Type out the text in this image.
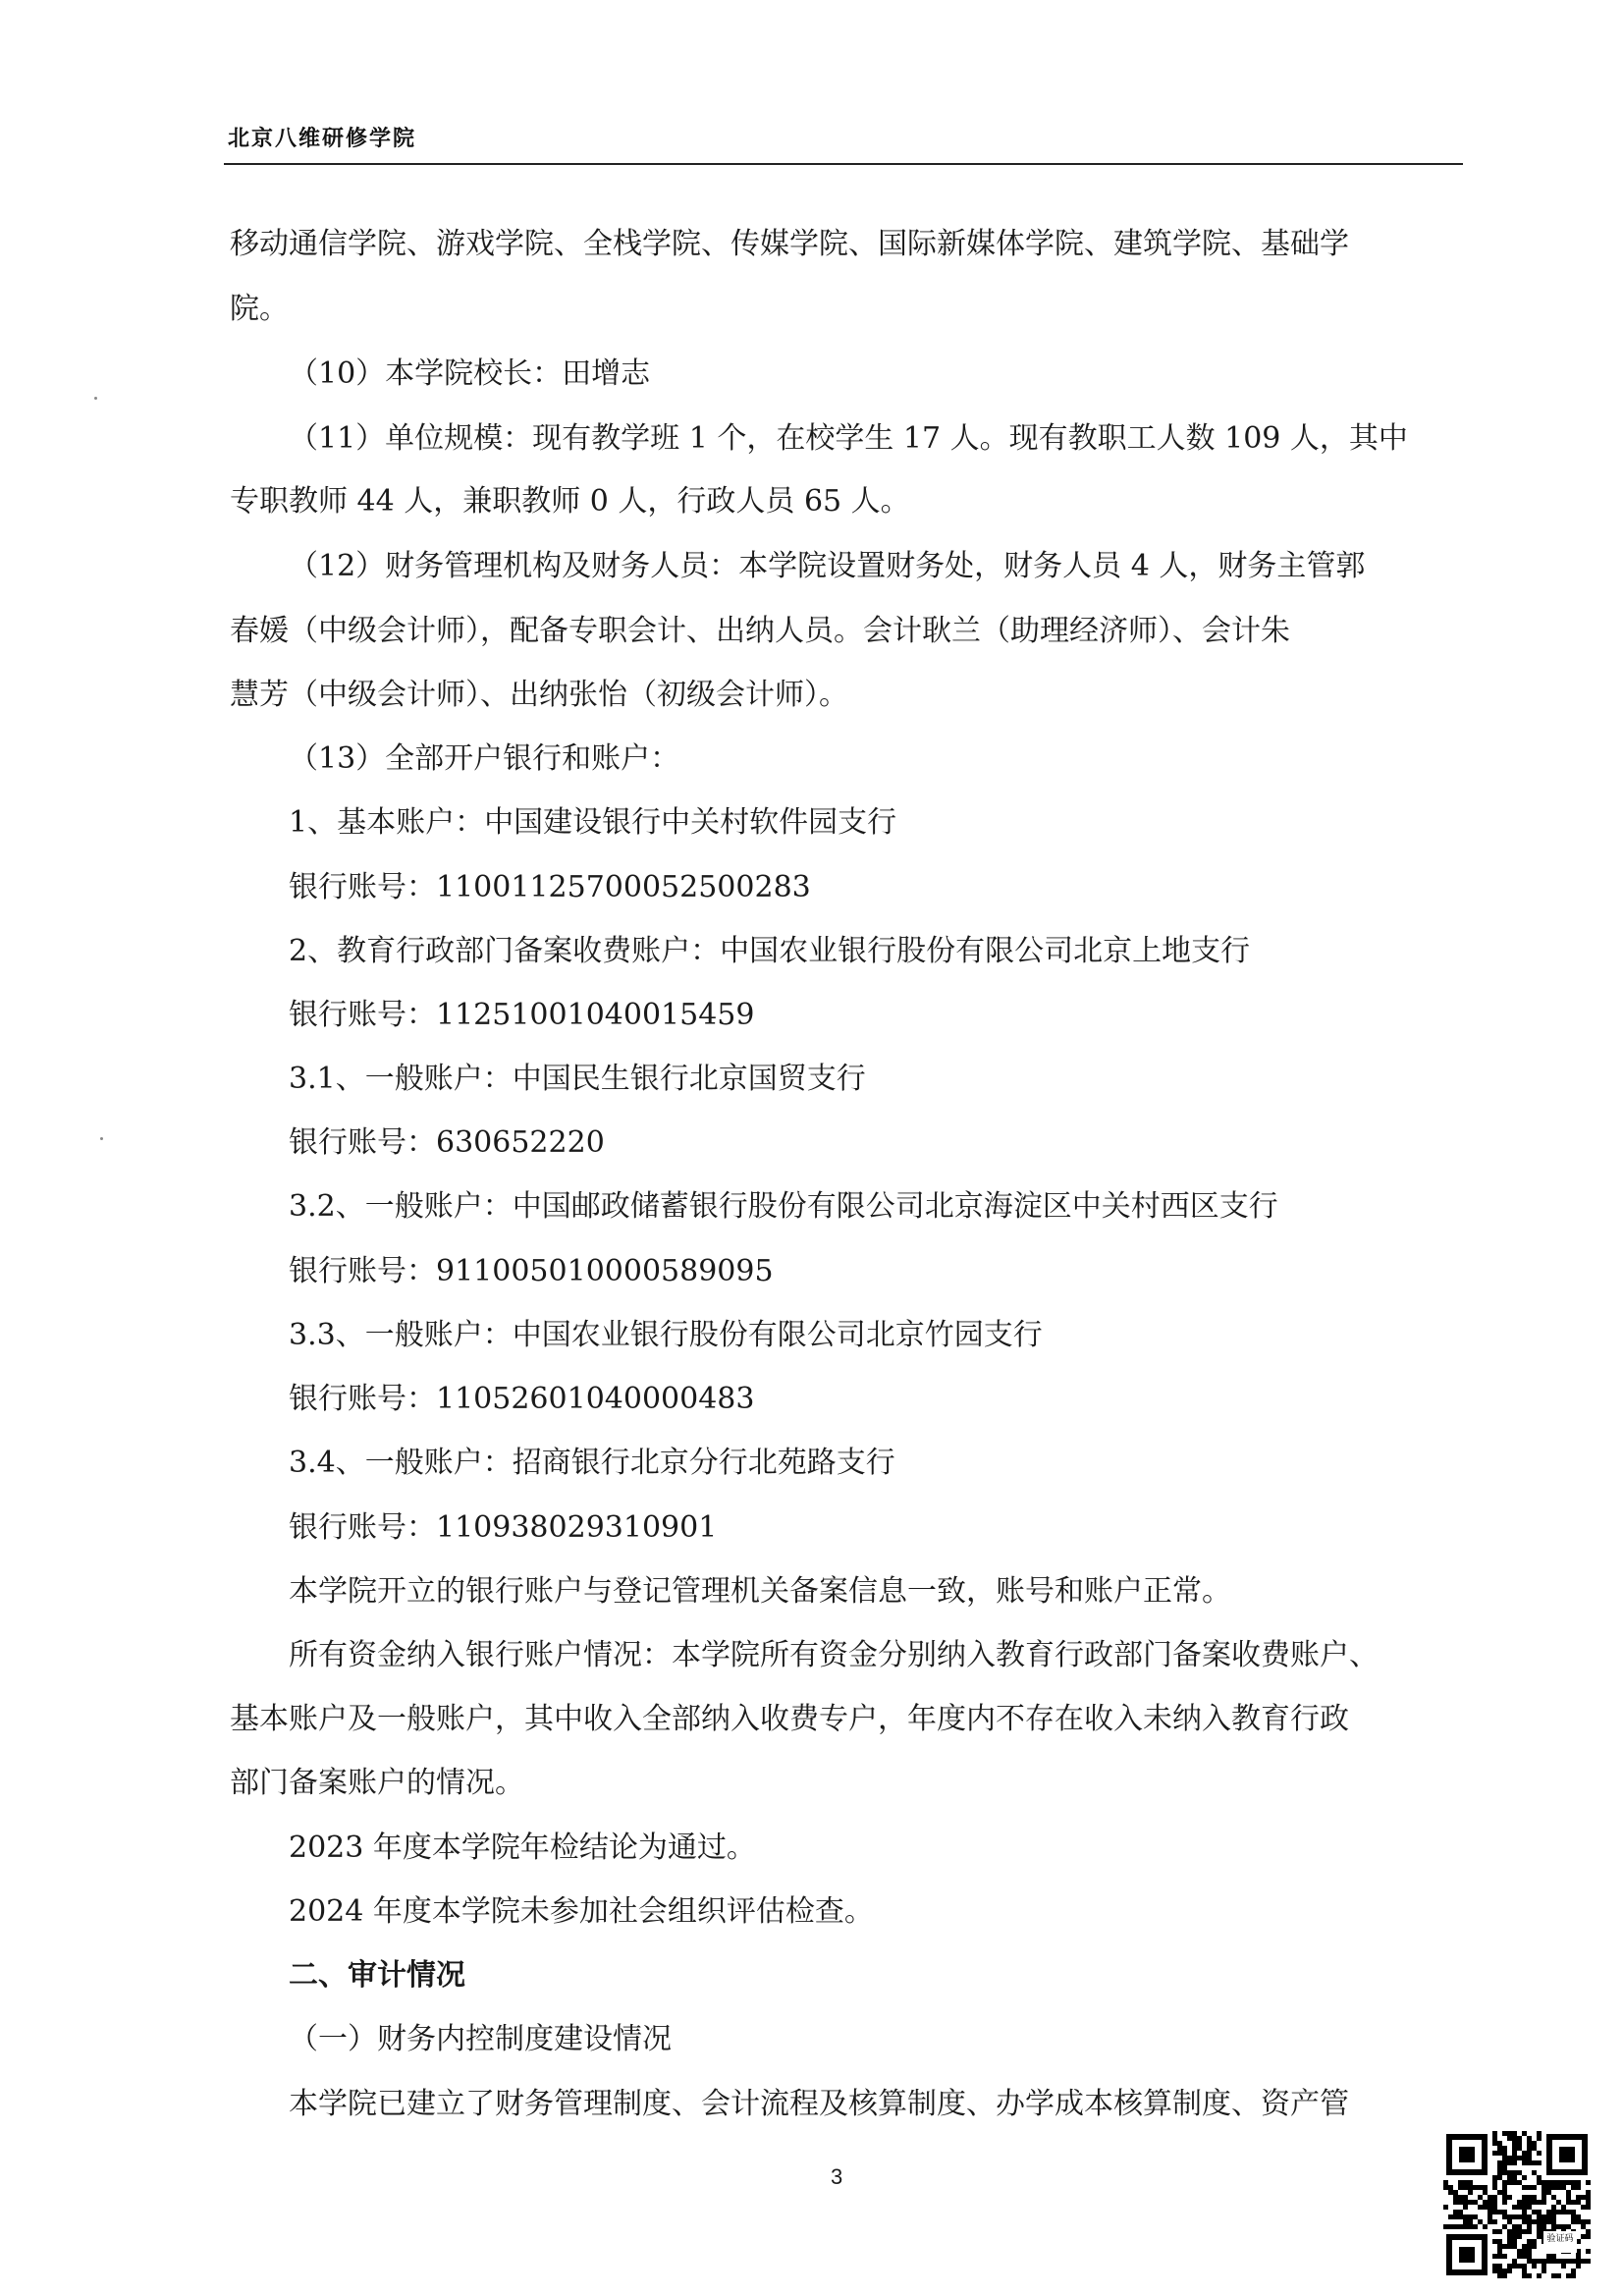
北京八维研修学院
移动通信学院、游戏学院、全栈学院、传媒学院、国际新媒体学院、建筑学院、基础学
院。
（10）本学院校长：田增志
（11）单位规模：现有教学班 1 个，在校学生 17 人。现有教职工人数 109 人，其中
专职教师 44 人，兼职教师 0 人，行政人员 65 人。
（12）财务管理机构及财务人员：本学院设置财务处，财务人员 4 人，财务主管郭
春媛（中级会计师），配备专职会计、出纳人员。会计耿兰（助理经济师）、会计朱
慧芳（中级会计师）、出纳张怡（初级会计师）。
（13）全部开户银行和账户：
1、基本账户：中国建设银行中关村软件园支行
银行账号：11001125700052500283
2、教育行政部门备案收费账户：中国农业银行股份有限公司北京上地支行
银行账号：11251001040015459
3.1、一般账户：中国民生银行北京国贸支行
银行账号：630652220
3.2、一般账户：中国邮政储蓄银行股份有限公司北京海淀区中关村西区支行
银行账号：911005010000589095
3.3、一般账户：中国农业银行股份有限公司北京竹园支行
银行账号：11052601040000483
3.4、一般账户：招商银行北京分行北苑路支行
银行账号：110938029310901
本学院开立的银行账户与登记管理机关备案信息一致，账号和账户正常。
所有资金纳入银行账户情况：本学院所有资金分别纳入教育行政部门备案收费账户、
基本账户及一般账户，其中收入全部纳入收费专户，年度内不存在收入未纳入教育行政
部门备案账户的情况。
2023 年度本学院年检结论为通过。
2024 年度本学院未参加社会组织评估检查。
二、审计情况
（一）财务内控制度建设情况
本学院已建立了财务管理制度、会计流程及核算制度、办学成本核算制度、资产管
3
验证码
